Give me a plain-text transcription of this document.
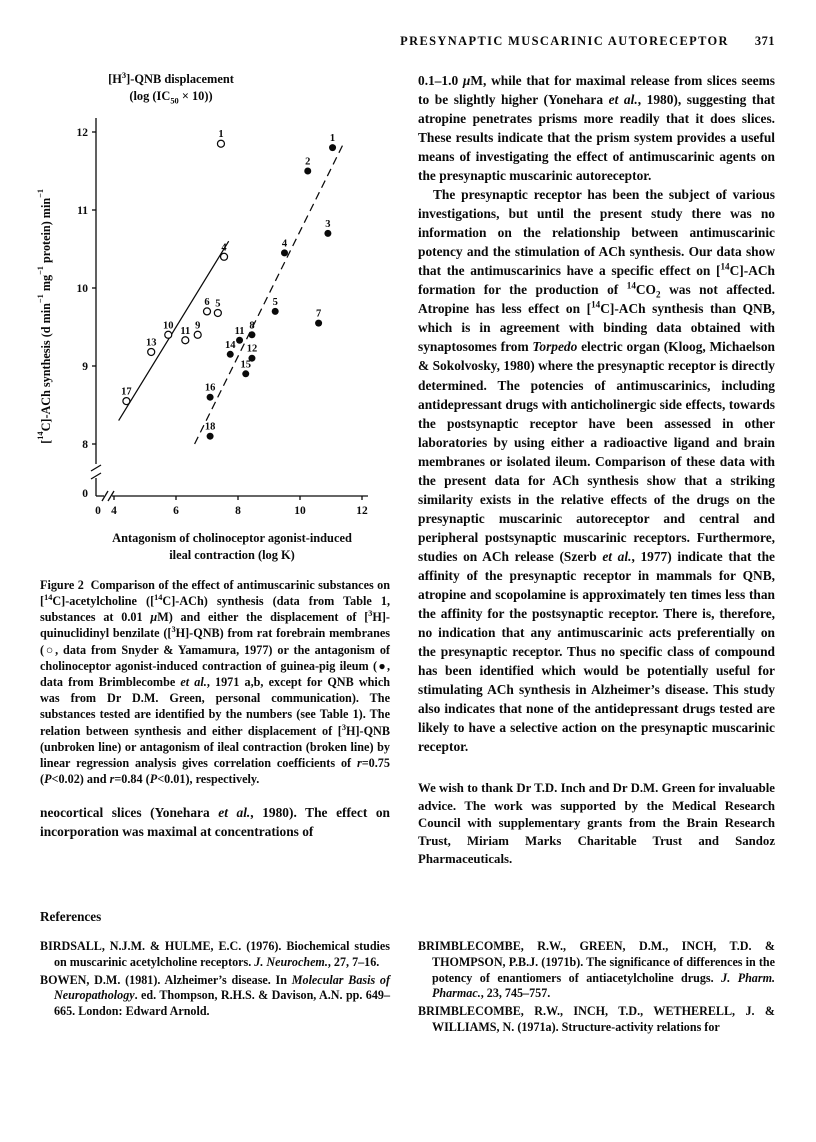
PRESYNAPTIC MUSCARINIC AUTORECEPTOR 371
$[H^3]$-QNB displacement
(log $(IC_{50} \times 10)$)
[$^{14}$C]-ACh synthesis (d $\min^{-1} mg^{-1}$ protein) $\min^{-1}$
12
11
10
9
8
0
4	6	8	10	12
0
1
4
6 5
10 9
11
13
17
1
2
3
4
5
7
8
11
14 12
15
16
18
Antagonism of cholinoceptor agonist-induced
ileal contraction (log K)

Figure 2  Comparison of the effect of antimuscarinic substances on [$^{14}$C]-acetylcholine ([$^{14}$C]-ACh) synthesis (data from Table 1, substances at 0.01 μM) and either the displacement of [$^3$H]-quinuclidinyl benzilate ([$^3$H]-QNB) from rat forebrain membranes (○, data from Snyder & Yamamura, 1977) or the antagonism of cholinoceptor agonist-induced contraction of guinea-pig ileum (●, data from Brimblecombe et al., 1971 a,b, except for QNB which was from Dr D.M. Green, personal communication). The substances tested are identified by the numbers (see Table 1). The relation between synthesis and either displacement of [$^3$H]-QNB (unbroken line) or antagonism of ileal contraction (broken line) by linear regression analysis gives correlation coefficients of r=0.75 (P<0.02) and r=0.84 (P<0.01), respectively.

neocortical slices (Yonehara et al., 1980). The effect on incorporation was maximal at concentrations of

0.1–1.0 μM, while that for maximal release from slices seems to be slightly higher (Yonehara et al., 1980), suggesting that atropine penetrates prisms more readily that it does slices. These results indicate that the prism system provides a useful means of investigating the effect of antimuscarinic agents on the presynaptic muscarinic autoreceptor.

The presynaptic receptor has been the subject of various investigations, but until the present study there was no information on the relationship between antimuscarinic potency and the stimulation of ACh synthesis. Our data show that the antimuscarinics have a specific effect on [$^{14}$C]-ACh formation for the production of $^{14}CO_2$ was not affected. Atropine has less effect on [$^{14}$C]-ACh synthesis than QNB, which is in agreement with binding data obtained with synaptosomes from Torpedo electric organ (Kloog, Michaelson & Sokolvosky, 1980) where the presynaptic receptor is directly determined. The potencies of antimuscarinics, including antidepressant drugs with anticholinergic side effects, towards the postsynaptic receptor have been assessed in other laboratories by using either a radioactive ligand and brain membranes or isolated ileum. Comparison of these data with the present data for ACh synthesis show that a striking similarity exists in the relative effects of the drugs on the presynaptic muscarinic autoreceptor and central and peripheral postsynaptic muscarinic receptors. Furthermore, studies on ACh release (Szerb et al., 1977) indicate that the affinity of the presynaptic receptor in mammals for QNB, atropine and scopolamine is approximately ten times less than the affinity for the postsynaptic receptor. There is, therefore, no indication that any antimuscarinic acts preferentially on the presynaptic receptor. Thus no specific class of compound has been identified which would be potentially useful for stimulating ACh synthesis in Alzheimer’s disease. This study also indicates that none of the antidepressant drugs tested are likely to have a selective action on the presynaptic muscarinic receptor.

We wish to thank Dr T.D. Inch and Dr D.M. Green for invaluable advice. The work was supported by the Medical Research Council with supplementary grants from the Brain Research Trust, Miriam Marks Charitable Trust and Sandoz Pharmaceuticals.

References

BIRDSALL, N.J.M. & HULME, E.C. (1976). Biochemical studies on muscarinic acetylcholine receptors. J. Neurochem., 27, 7–16.

BOWEN, D.M. (1981). Alzheimer’s disease. In Molecular Basis of Neuropathology. ed. Thompson, R.H.S. & Davison, A.N. pp. 649–665. London: Edward Arnold.

BRIMBLECOMBE, R.W., GREEN, D.M., INCH, T.D. & THOMPSON, P.B.J. (1971b). The significance of differences in the potency of enantiomers of antiacetylcholine drugs. J. Pharm. Pharmac., 23, 745–757.

BRIMBLECOMBE, R.W., INCH, T.D., WETHERELL, J. & WILLIAMS, N. (1971a). Structure-activity relations for
